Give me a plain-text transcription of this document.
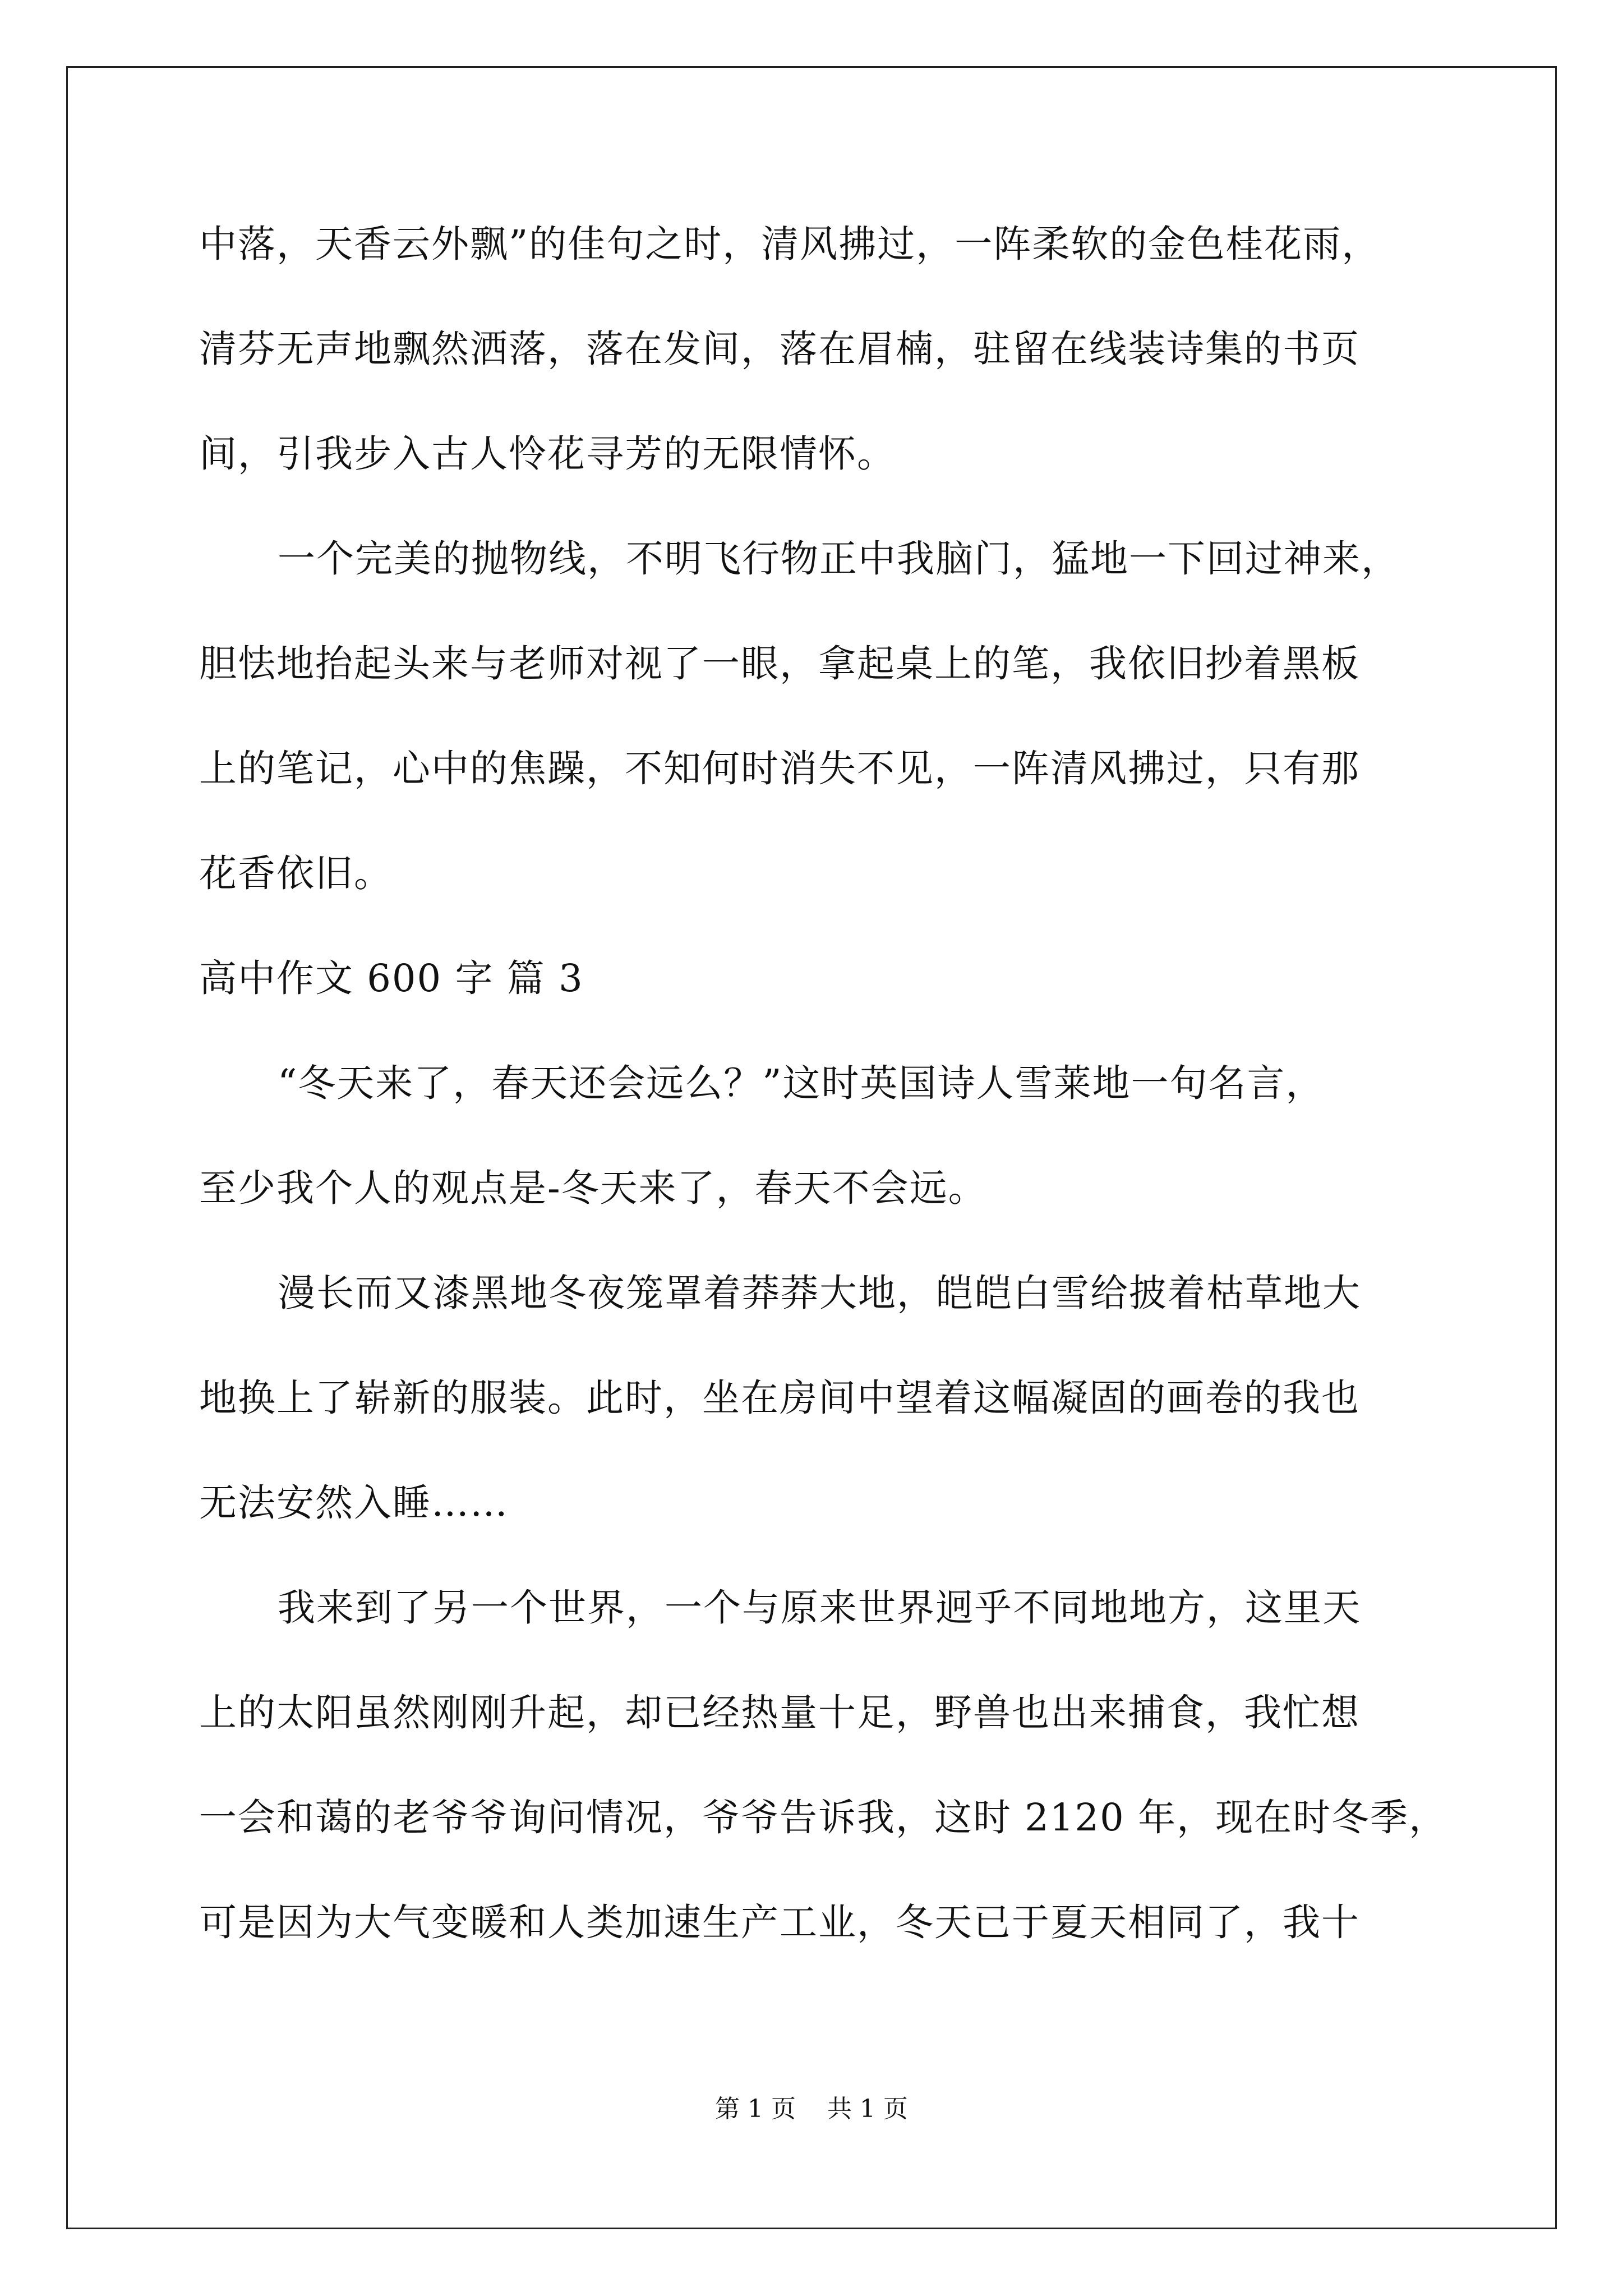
中落，天香云外飘”的佳句之时，清风拂过，一阵柔软的金色桂花雨，
清芬无声地飘然洒落，落在发间，落在眉楠，驻留在线装诗集的书页
间，引我步入古人怜花寻芳的无限情怀。
一个完美的抛物线，不明飞行物正中我脑门，猛地一下回过神来，
胆怯地抬起头来与老师对视了一眼，拿起桌上的笔，我依旧抄着黑板
上的笔记，心中的焦躁，不知何时消失不见，一阵清风拂过，只有那
花香依旧。
高中作文 600 字 篇 3
“冬天来了，春天还会远么？”这时英国诗人雪莱地一句名言，
至少我个人的观点是-冬天来了，春天不会远。
漫长而又漆黑地冬夜笼罩着莽莽大地，皑皑白雪给披着枯草地大
地换上了崭新的服装。此时，坐在房间中望着这幅凝固的画卷的我也
无法安然入睡……
我来到了另一个世界，一个与原来世界迥乎不同地地方，这里天
上的太阳虽然刚刚升起，却已经热量十足，野兽也出来捕食，我忙想
一会和蔼的老爷爷询问情况，爷爷告诉我，这时 2120 年，现在时冬季，
可是因为大气变暖和人类加速生产工业，冬天已于夏天相同了，我十
第 1 页    共 1 页
